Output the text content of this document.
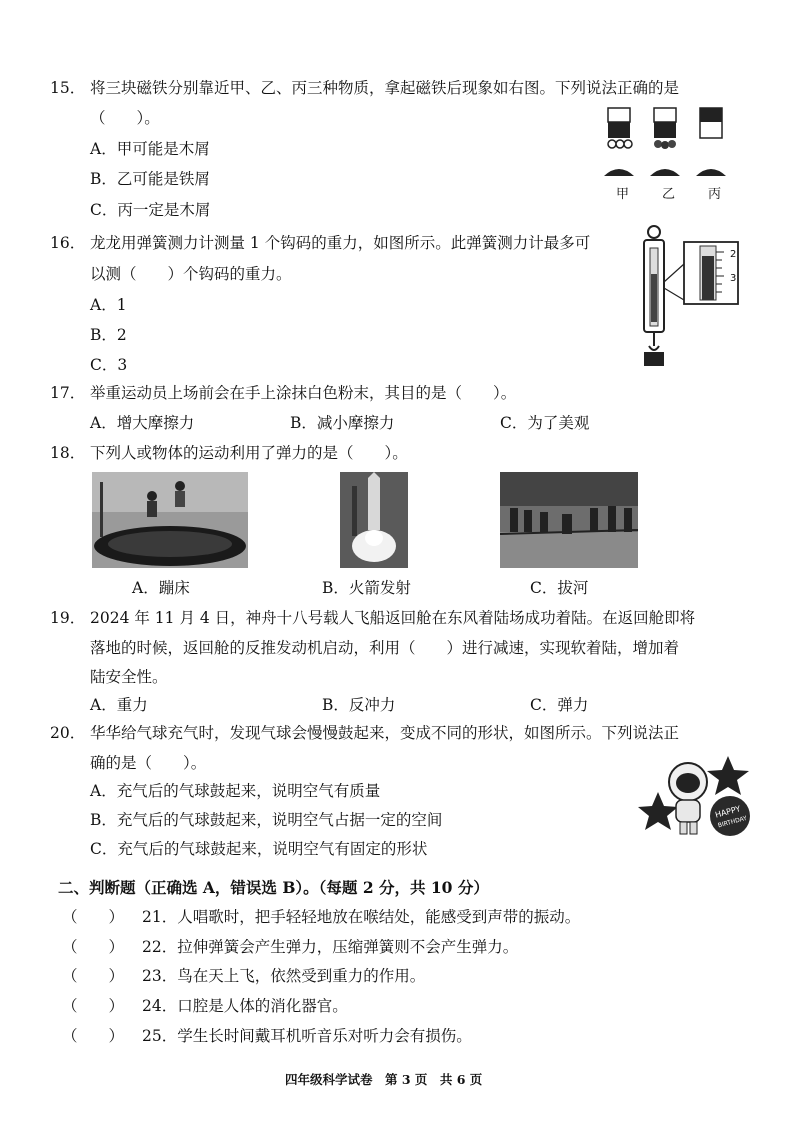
15． 将三块磁铁分别靠近甲、乙、丙三种物质，拿起磁铁后现象如右图。下列说法正确的是
（　　）。
A．甲可能是木屑
B．乙可能是铁屑
C．丙一定是木屑
甲	乙	丙
16． 龙龙用弹簧测力计测量 1 个钩码的重力，如图所示。此弹簧测力计最多可
以测（　　）个钩码的重力。
A．1
B．2
C．3
2
3
17． 举重运动员上场前会在手上涂抹白色粉末，其目的是（　　）。
A．增大摩擦力	B．减小摩擦力	C．为了美观
18． 下列人或物体的运动利用了弹力的是（　　）。
A．蹦床	B．火箭发射	C．拔河
19． 2024 年 11 月 4 日，神舟十八号载人飞船返回舱在东风着陆场成功着陆。在返回舱即将
落地的时候，返回舱的反推发动机启动，利用（　　）进行减速，实现软着陆，增加着
陆安全性。
A．重力	B．反冲力	C．弹力
20． 华华给气球充气时，发现气球会慢慢鼓起来，变成不同的形状，如图所示。下列说法正
确的是（　　）。
A．充气后的气球鼓起来，说明空气有质量
B．充气后的气球鼓起来，说明空气占据一定的空间
C．充气后的气球鼓起来，说明空气有固定的形状
HAPPY
BIRTHDAY
二、判断题（正确选 A，错误选 B）。（每题 2 分，共 10 分）
（　　） 21．人唱歌时，把手轻轻地放在喉结处，能感受到声带的振动。
（　　） 22．拉伸弹簧会产生弹力，压缩弹簧则不会产生弹力。
（　　） 23．鸟在天上飞，依然受到重力的作用。
（　　） 24．口腔是人体的消化器官。
（　　） 25．学生长时间戴耳机听音乐对听力会有损伤。
四年级科学试卷　第 3 页　共 6 页
